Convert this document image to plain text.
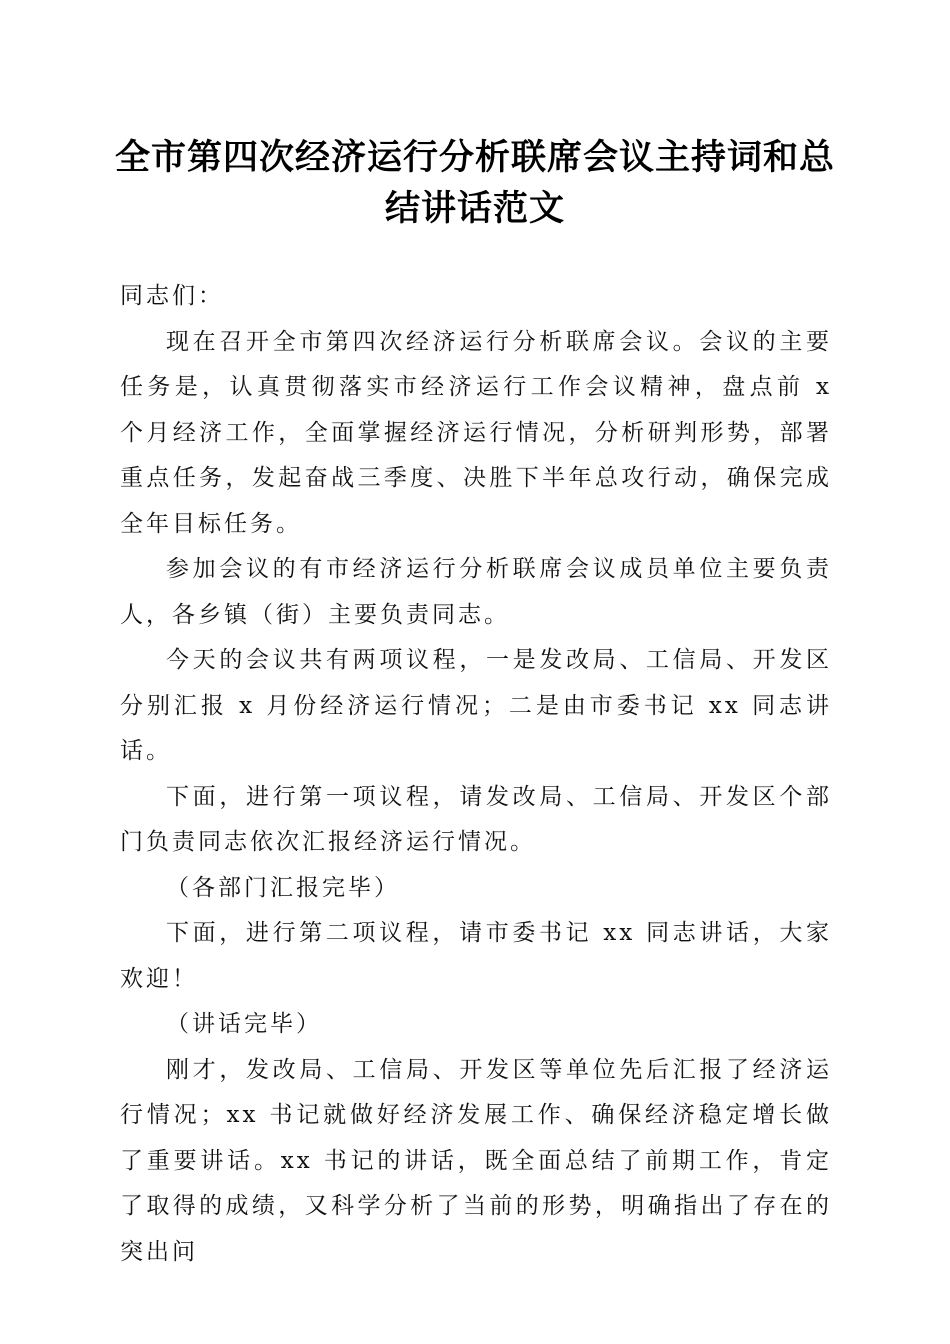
全市第四次经济运行分析联席会议主持词和总
结讲话范文

同志们：

现在召开全市第四次经济运行分析联席会议。会议的主要任务是，认真贯彻落实市经济运行工作会议精神，盘点前 x 个月经济工作，全面掌握经济运行情况，分析研判形势，部署重点任务，发起奋战三季度、决胜下半年总攻行动，确保完成全年目标任务。

参加会议的有市经济运行分析联席会议成员单位主要负责人，各乡镇（街）主要负责同志。

今天的会议共有两项议程，一是发改局、工信局、开发区分别汇报 x 月份经济运行情况；二是由市委书记 xx 同志讲话。

下面，进行第一项议程，请发改局、工信局、开发区个部门负责同志依次汇报经济运行情况。

（各部门汇报完毕）

下面，进行第二项议程，请市委书记 xx 同志讲话，大家欢迎！

（讲话完毕）

刚才，发改局、工信局、开发区等单位先后汇报了经济运行情况；xx 书记就做好经济发展工作、确保经济稳定增长做了重要讲话。xx 书记的讲话，既全面总结了前期工作，肯定了取得的成绩，又科学分析了当前的形势，明确指出了存在的突出问
